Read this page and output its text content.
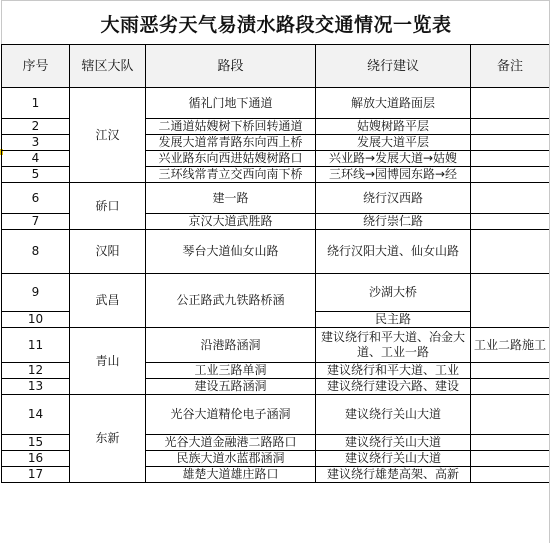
大雨恶劣天气易渍水路段交通情况一览表
序号	辖区大队	路段	绕行建议	备注
1	江汉	循礼门地下通道	解放大道路面层	
2		二通道姑嫂树下桥回转通道	姑嫂树路平层	
3		发展大道常青路东向西上桥	发展大道平层	
4		兴业路东向西进姑嫂树路口	兴业路→发展大道→姑嫂	
5		三环线常青立交西向南下桥	三环线→园博园东路→经	
6	硚口	建一路	绕行汉西路	
7		京汉大道武胜路	绕行崇仁路	
8	汉阳	琴台大道仙女山路	绕行汉阳大道、仙女山路	
9	武昌	公正路武九铁路桥涵	沙湖大桥	
10			民主路	
11	青山	沿港路涵洞	建议绕行和平大道、冶金大道、工业一路	工业二路施工
12		工业三路单洞	建议绕行和平大道、工业	
13		建设五路涵洞	建议绕行建设六路、建设	
14	东新	光谷大道精伦电子涵洞	建议绕行关山大道	
15		光谷大道金融港二路路口	建议绕行关山大道	
16		民族大道水蓝郡涵洞	建议绕行关山大道	
17		雄楚大道雄庄路口	建议绕行雄楚高架、高新	
